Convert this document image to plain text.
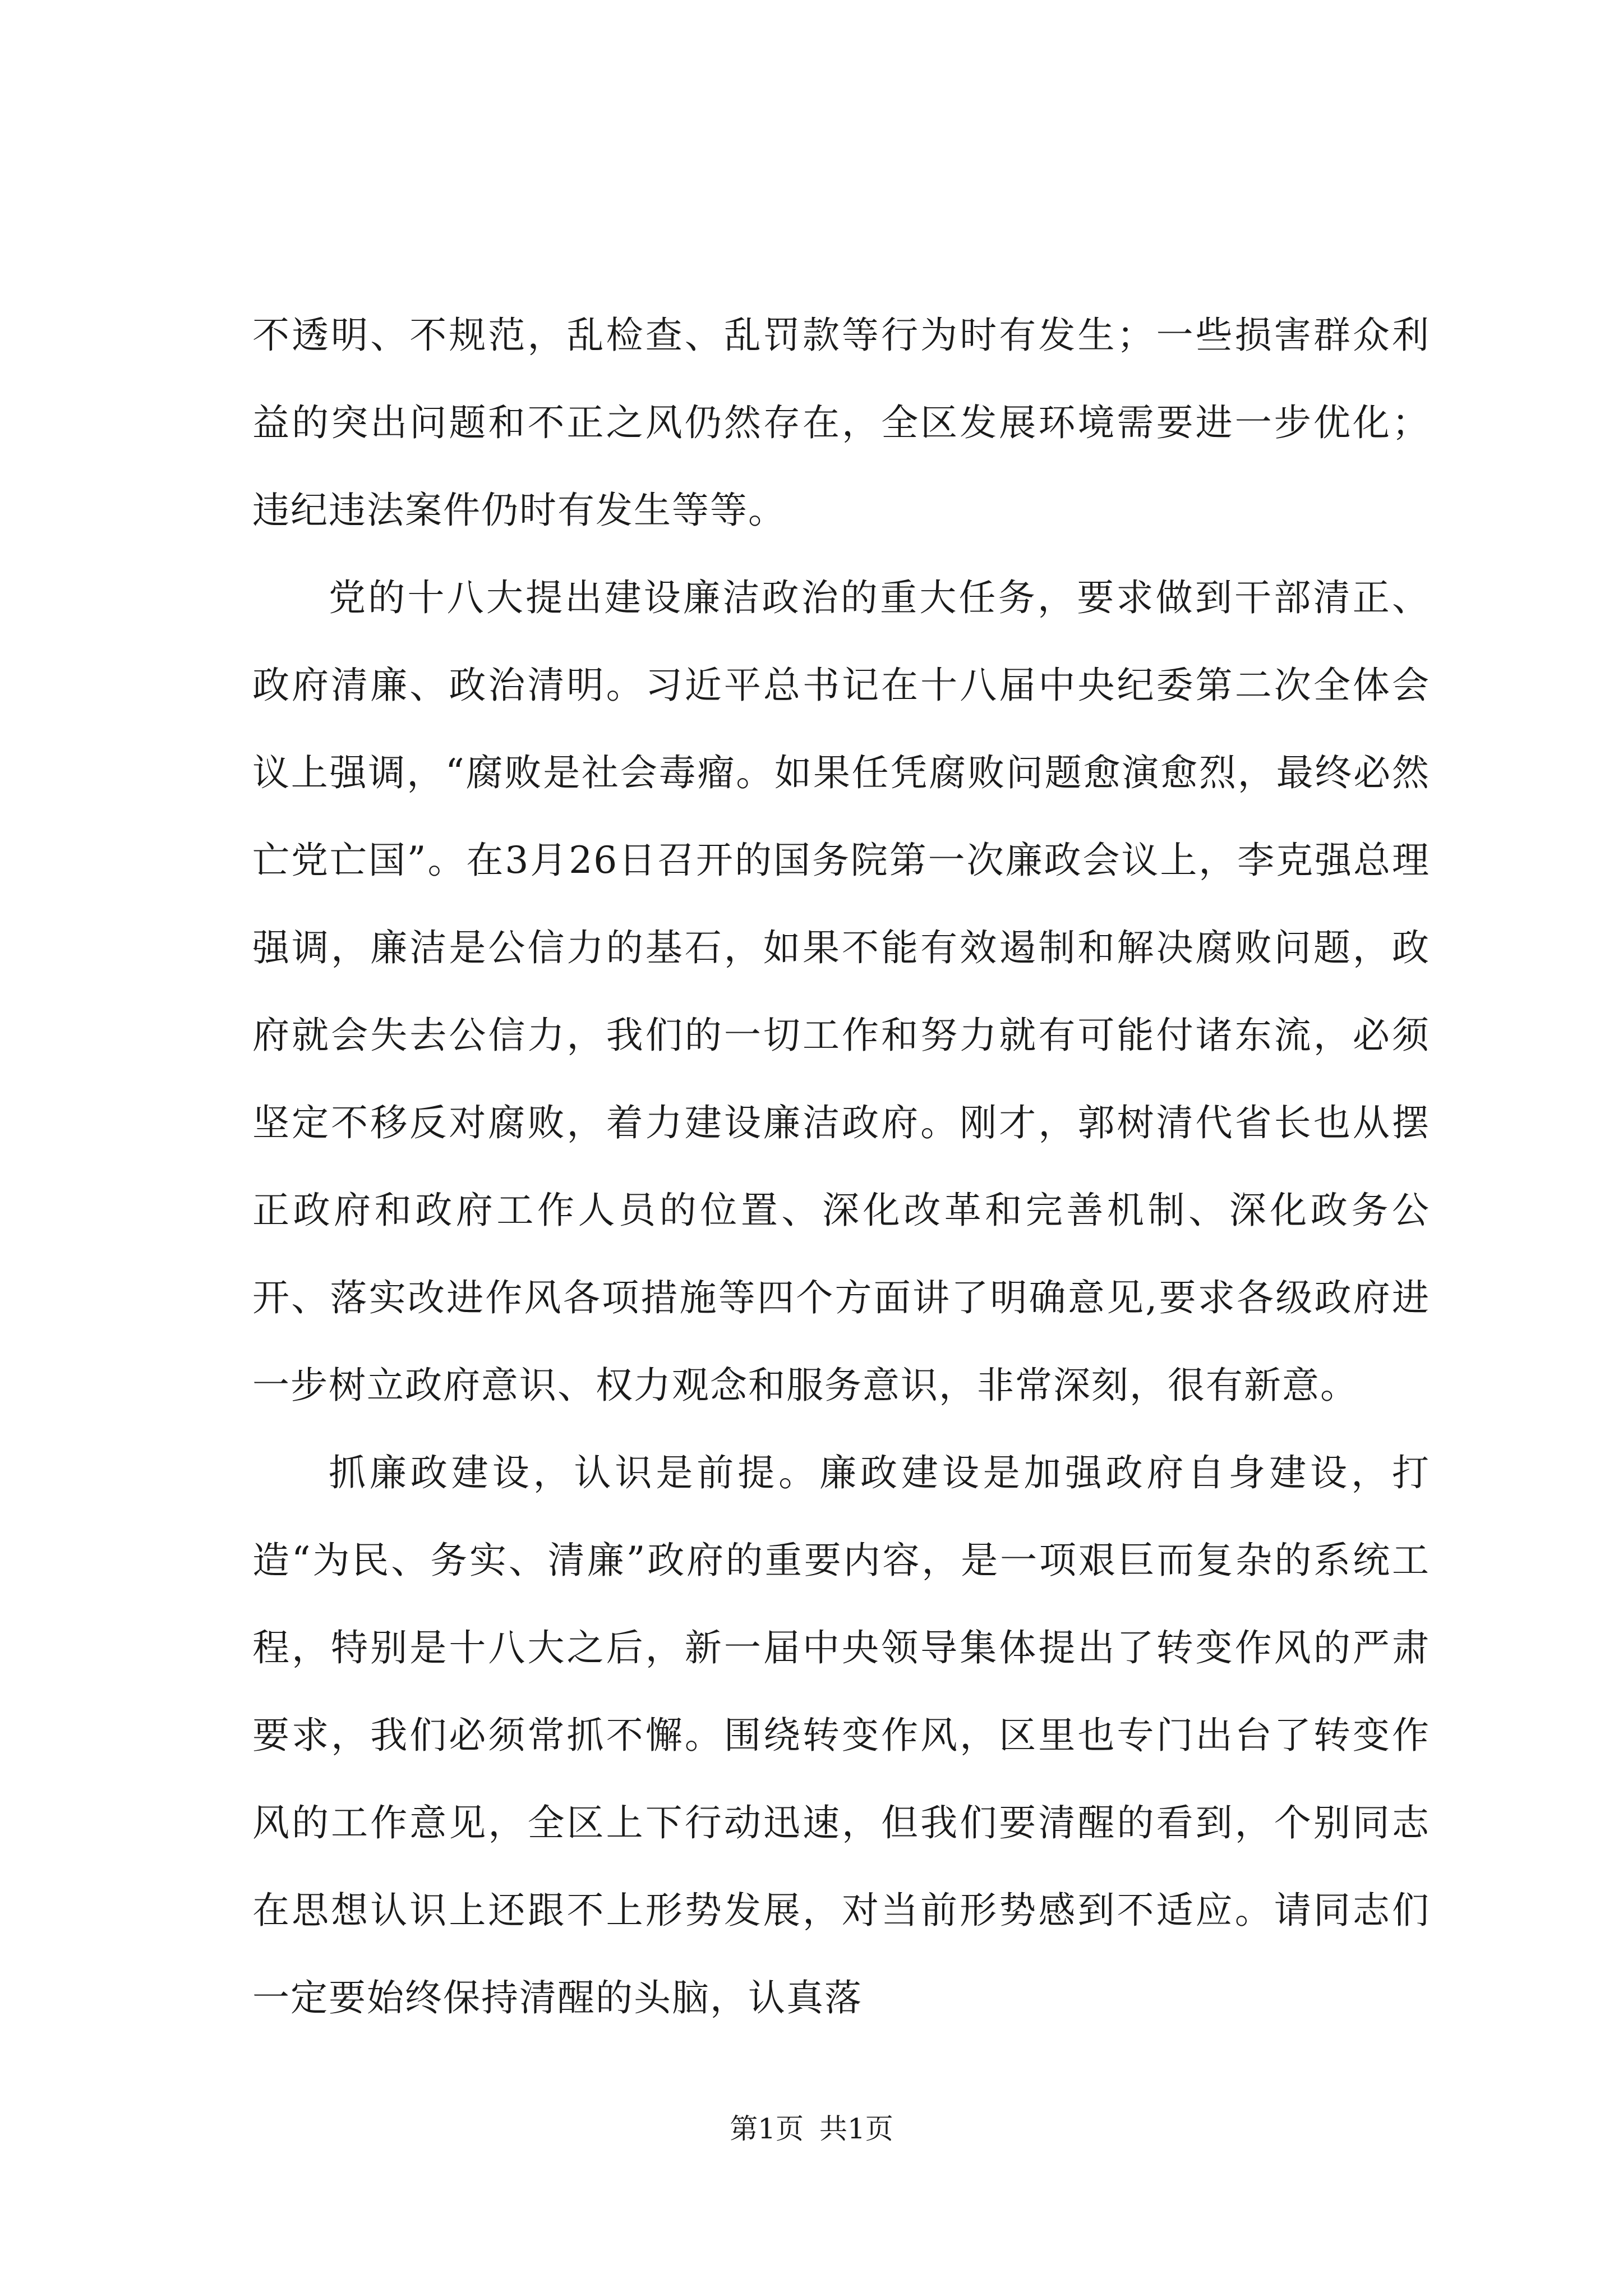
不透明、不规范，乱检查、乱罚款等行为时有发生；一些损害群众利益的突出问题和不正之风仍然存在，全区发展环境需要进一步优化；违纪违法案件仍时有发生等等。

党的十八大提出建设廉洁政治的重大任务，要求做到干部清正、政府清廉、政治清明。习近平总书记在十八届中央纪委第二次全体会议上强调，“腐败是社会毒瘤。如果任凭腐败问题愈演愈烈，最终必然亡党亡国”。在3月26日召开的国务院第一次廉政会议上，李克强总理强调，廉洁是公信力的基石，如果不能有效遏制和解决腐败问题，政府就会失去公信力，我们的一切工作和努力就有可能付诸东流，必须坚定不移反对腐败，着力建设廉洁政府。刚才，郭树清代省长也从摆正政府和政府工作人员的位置、深化改革和完善机制、深化政务公开、落实改进作风各项措施等四个方面讲了明确意见,要求各级政府进一步树立政府意识、权力观念和服务意识，非常深刻，很有新意。

抓廉政建设，认识是前提。廉政建设是加强政府自身建设，打造“为民、务实、清廉”政府的重要内容，是一项艰巨而复杂的系统工程，特别是十八大之后，新一届中央领导集体提出了转变作风的严肃要求，我们必须常抓不懈。围绕转变作风，区里也专门出台了转变作风的工作意见，全区上下行动迅速，但我们要清醒的看到，个别同志在思想认识上还跟不上形势发展，对当前形势感到不适应。请同志们一定要始终保持清醒的头脑，认真落

第1页 共1页
